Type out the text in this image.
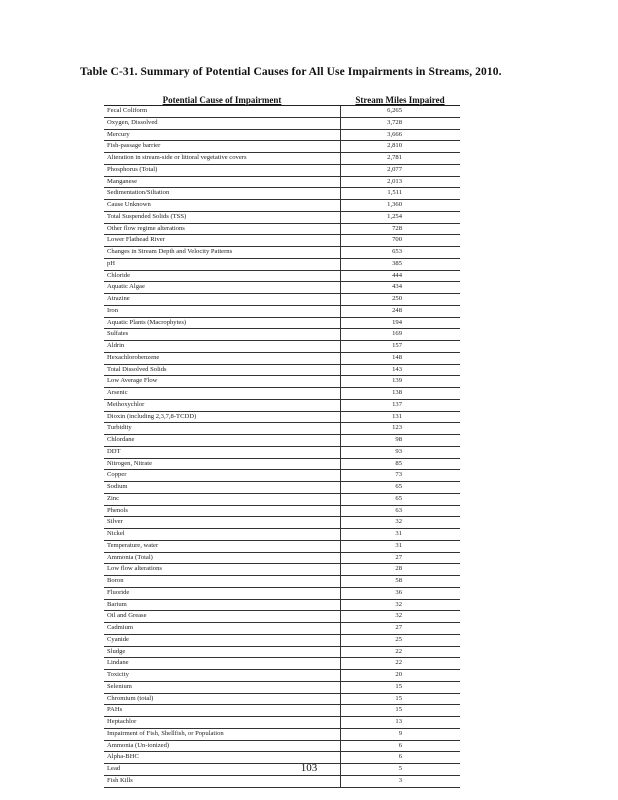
Table C-31. Summary of Potential Causes for All Use Impairments in Streams, 2010.
Potential Cause of Impairment	Stream Miles Impaired
Fecal Coliform	6,265
Oxygen, Dissolved	3,728
Mercury	3,666
Fish-passage barrier	2,810
Alteration in stream-side or littoral vegetative covers	2,781
Phosphorus (Total)	2,077
Manganese	2,013
Sedimentation/Siltation	1,511
Cause Unknown	1,360
Total Suspended Solids (TSS)	1,254
Other flow regime alterations	728
Lower Flathead River	700
Changes in Stream Depth and Velocity Patterns	653
pH	385
Chloride	444
Aquatic Algae	434
Atrazine	250
Iron	248
Aquatic Plants (Macrophytes)	194
Sulfates	169
Aldrin	157
Hexachlorobenzene	148
Total Dissolved Solids	143
Low Average Flow	139
Arsenic	138
Methoxychlor	137
Dioxin (including 2,3,7,8-TCDD)	131
Turbidity	123
Chlordane	98
DDT	93
Nitrogen, Nitrate	85
Copper	73
Sodium	65
Zinc	65
Phenols	63
Silver	32
Nickel	31
Temperature, water	31
Ammonia (Total)	27
Low flow alterations	28
Boron	58
Fluoride	36
Barium	32
Oil and Grease	32
Cadmium	27
Cyanide	25
Sludge	22
Lindane	22
Toxicity	20
Selenium	15
Chromium (total)	15
PAHs	15
Heptachlor	13
Impairment of Fish, Shellfish, or Population	9
Ammonia (Un-ionized)	6
Alpha-BHC	6
Lead	5
Fish Kills	3
103
